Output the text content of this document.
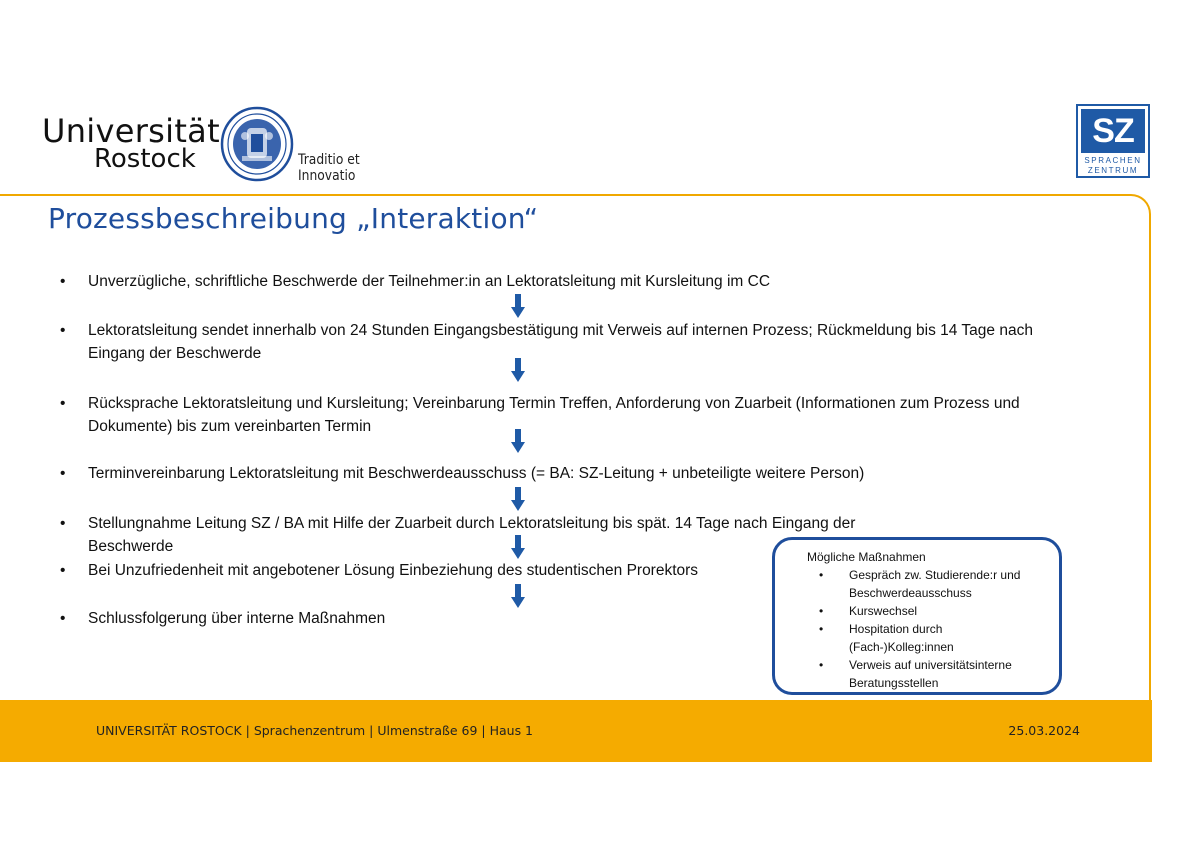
Universität
Rostock	Traditio et Innovatio
SZ
SPRACHEN
ZENTRUM
Prozessbeschreibung „Interaktion“
• Unverzügliche, schriftliche Beschwerde der Teilnehmer:in an Lektoratsleitung mit Kursleitung im CC
• Lektoratsleitung sendet innerhalb von 24 Stunden Eingangsbestätigung mit Verweis auf internen Prozess; Rückmeldung bis 14 Tage nach Eingang der Beschwerde
• Rücksprache Lektoratsleitung und Kursleitung; Vereinbarung Termin Treffen, Anforderung von Zuarbeit (Informationen zum Prozess und Dokumente) bis zum vereinbarten Termin
• Terminvereinbarung Lektoratsleitung mit Beschwerdeausschuss (= BA: SZ-Leitung + unbeteiligte weitere Person)
• Stellungnahme Leitung SZ / BA mit Hilfe der Zuarbeit durch Lektoratsleitung bis spät. 14 Tage nach Eingang der Beschwerde
• Bei Unzufriedenheit mit angebotener Lösung Einbeziehung des studentischen Prorektors
• Schlussfolgerung über interne Maßnahmen
Mögliche Maßnahmen
• Gespräch zw. Studierende:r und Beschwerdeausschuss
• Kurswechsel
• Hospitation durch (Fach-)Kolleg:innen
• Verweis auf universitätsinterne Beratungsstellen
UNIVERSITÄT ROSTOCK | Sprachenzentrum | Ulmenstraße 69 | Haus 1	25.03.2024
